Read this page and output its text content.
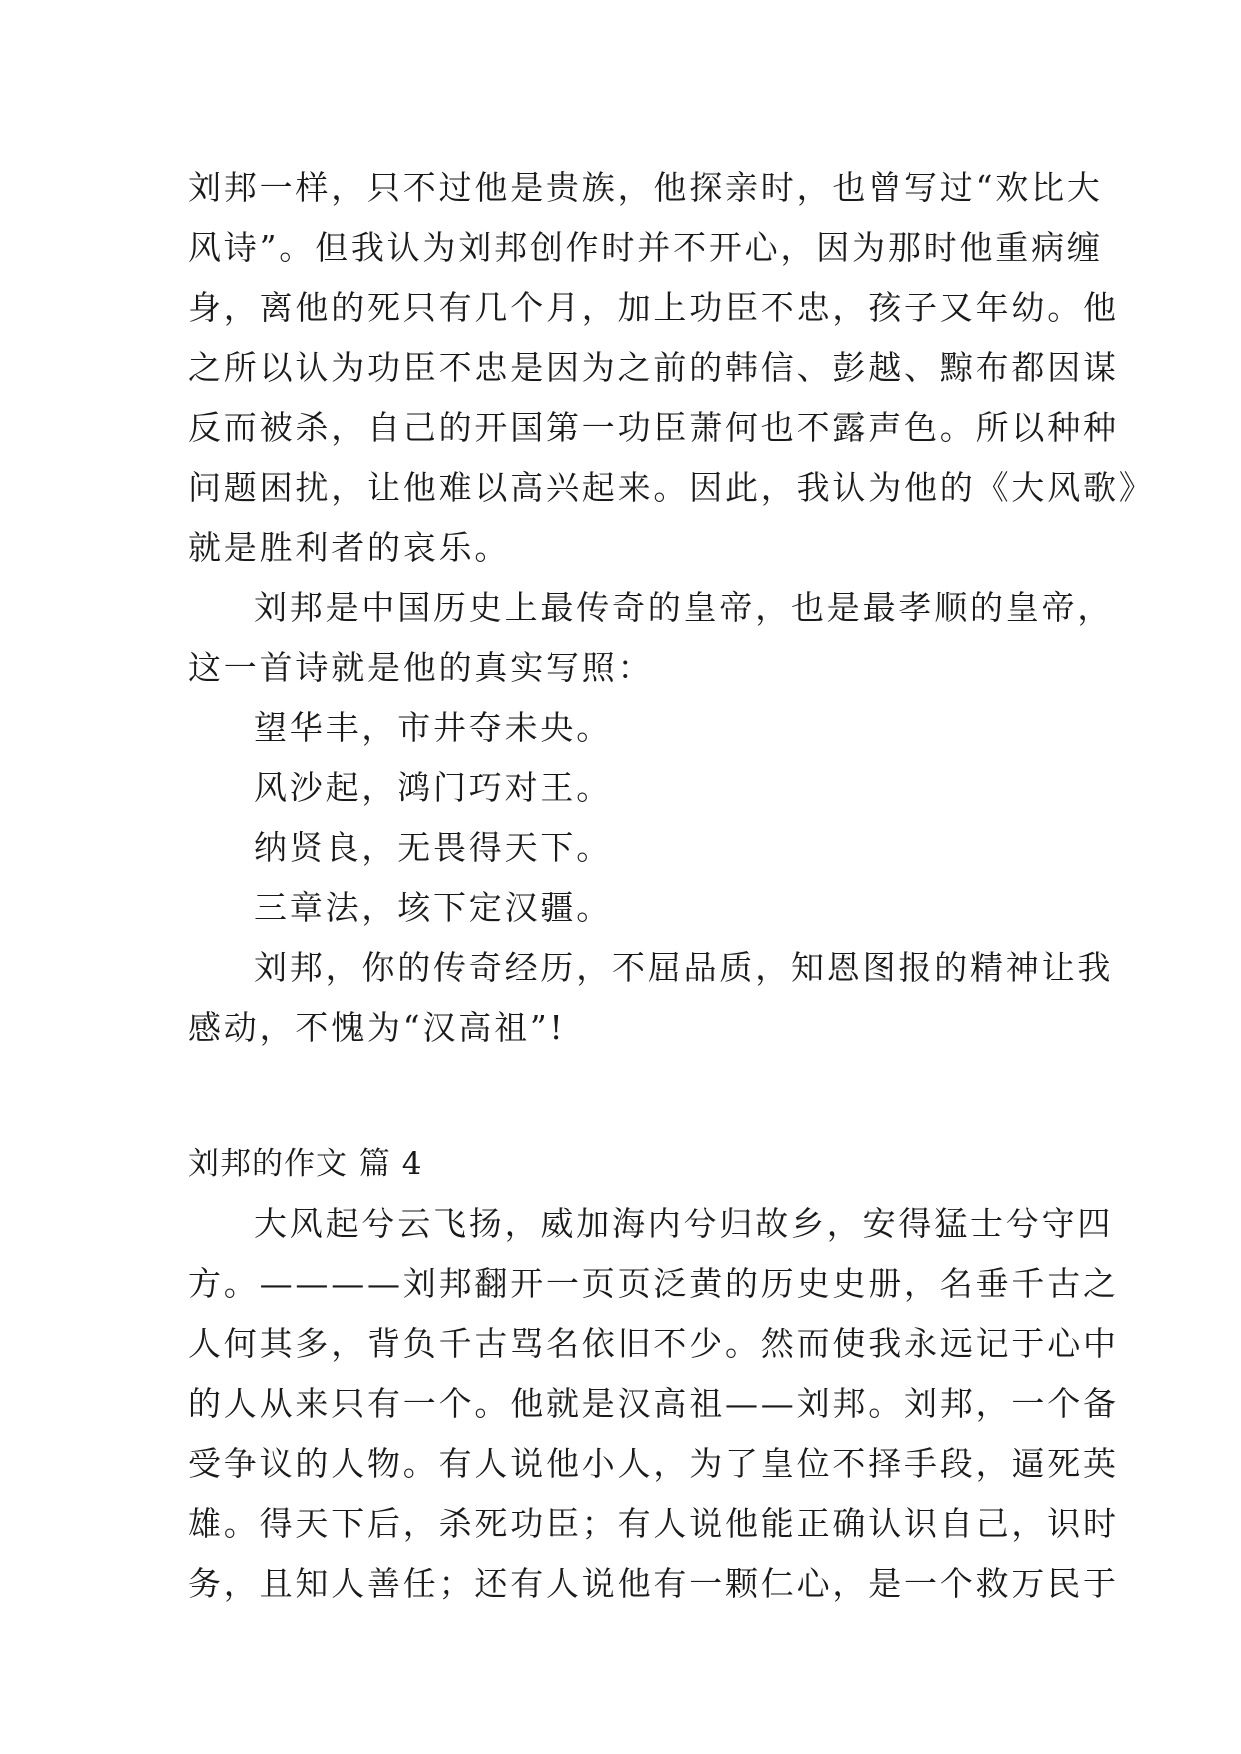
刘邦一样，只不过他是贵族，他探亲时，也曾写过“欢比大
风诗”。但我认为刘邦创作时并不开心，因为那时他重病缠
身，离他的死只有几个月，加上功臣不忠，孩子又年幼。他
之所以认为功臣不忠是因为之前的韩信、彭越、黥布都因谋
反而被杀，自己的开国第一功臣萧何也不露声色。所以种种
问题困扰，让他难以高兴起来。因此，我认为他的《大风歌》
就是胜利者的哀乐。
刘邦是中国历史上最传奇的皇帝，也是最孝顺的皇帝，
这一首诗就是他的真实写照：
望华丰，市井夺未央。
风沙起，鸿门巧对王。
纳贤良，无畏得天下。
三章法，垓下定汉疆。
刘邦，你的传奇经历，不屈品质，知恩图报的精神让我
感动，不愧为“汉高祖”!
刘邦的作文 篇 4
大风起兮云飞扬，威加海内兮归故乡，安得猛士兮守四
方。————刘邦翻开一页页泛黄的历史史册，名垂千古之
人何其多，背负千古骂名依旧不少。然而使我永远记于心中
的人从来只有一个。他就是汉高祖——刘邦。刘邦，一个备
受争议的人物。有人说他小人，为了皇位不择手段，逼死英
雄。得天下后，杀死功臣；有人说他能正确认识自己，识时
务，且知人善任；还有人说他有一颗仁心，是一个救万民于
